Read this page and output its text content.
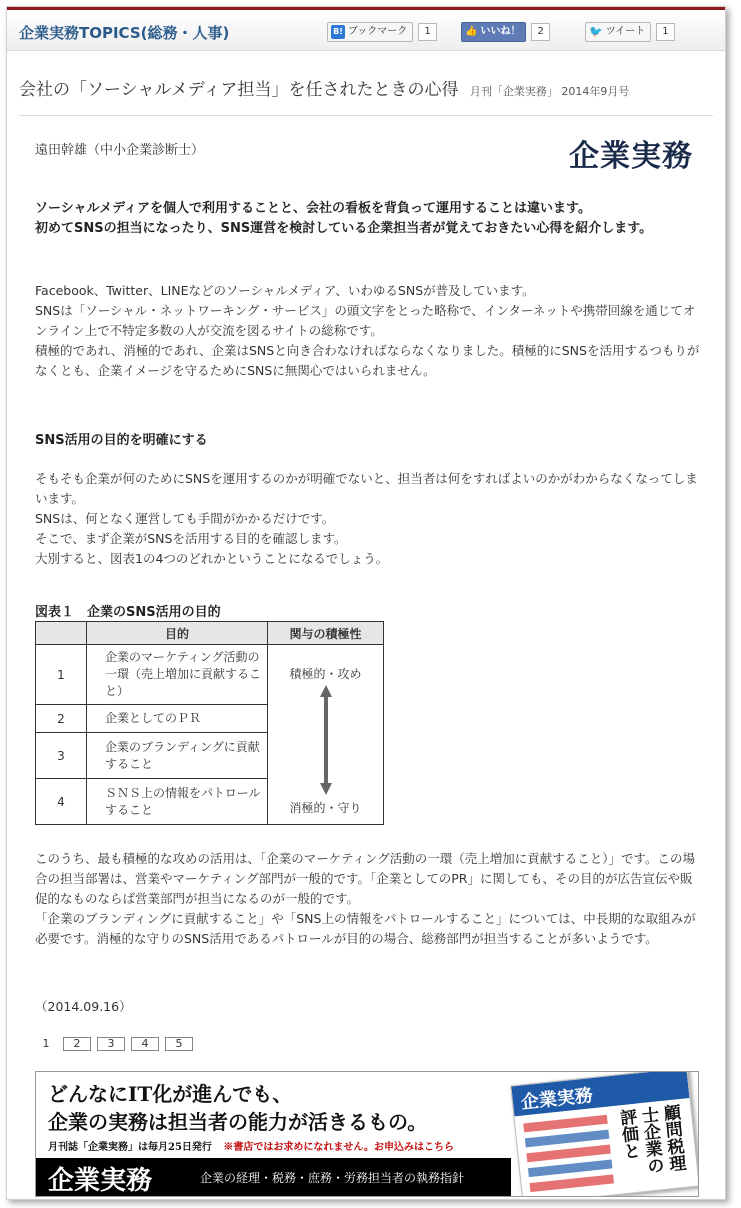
企業実務TOPICS(総務・人事)	B! ブックマーク	1	👍 いいね！	2	🐦 ツイート	1
会社の「ソーシャルメディア担当」を任されたときの心得 月刊「企業実務」 2014年9月号
遠田幹雄（中小企業診断士）	企業実務
ソーシャルメディアを個人で利用することと、会社の看板を背負って運用することは違います。
初めてSNSの担当になったり、SNS運営を検討している企業担当者が覚えておきたい心得を紹介します。
Facebook、Twitter、LINEなどのソーシャルメディア、いわゆるSNSが普及しています。
SNSは「ソーシャル・ネットワーキング・サービス」の頭文字をとった略称で、インターネットや携帯回線を通じてオンライン上で不特定多数の人が交流を図るサイトの総称です。
積極的であれ、消極的であれ、企業はSNSと向き合わなければならなくなりました。積極的にSNSを活用するつもりがなくとも、企業イメージを守るためにSNSに無関心ではいられません。
SNS活用の目的を明確にする
そもそも企業が何のためにSNSを運用するのかが明確でないと、担当者は何をすればよいのかがわからなくなってしまいます。
SNSは、何となく運営しても手間がかかるだけです。
そこで、まず企業がSNSを活用する目的を確認します。
大別すると、図表1の4つのどれかということになるでしょう。
図表１　企業のSNS活用の目的
	目的	関与の積極性
1	企業のマーケティング活動の一環（売上増加に貢献すること）	積極的・攻め
消極的・守り

2	企業としてのＰＲ	
3	企業のブランディングに貢献すること	
4	ＳＮＳ上の情報をパトロールすること	
このうち、最も積極的な攻めの活用は、「企業のマーケティング活動の一環（売上増加に貢献すること）」です。この場合の担当部署は、営業やマーケティング部門が一般的です。「企業としてのPR」に関しても、その目的が広告宣伝や販促的なものならば営業部門が担当になるのが一般的です。
「企業のブランディングに貢献すること」や「SNS上の情報をパトロールすること」については、中長期的な取組みが必要です。消極的な守りのSNS活用であるパトロールが目的の場合、総務部門が担当することが多いようです。
（2014.09.16）
1	2	3	4	5
どんなにIT化が進んでも、
企業の実務は担当者の能力が活きるもの。
月刊誌「企業実務」は毎月25日発行 ※書店ではお求めになれません。お申込みはこちら
企業実務	企業の経理・税務・庶務・労務担当者の執務指針
企業実務
顧問税理士企業の評価と
